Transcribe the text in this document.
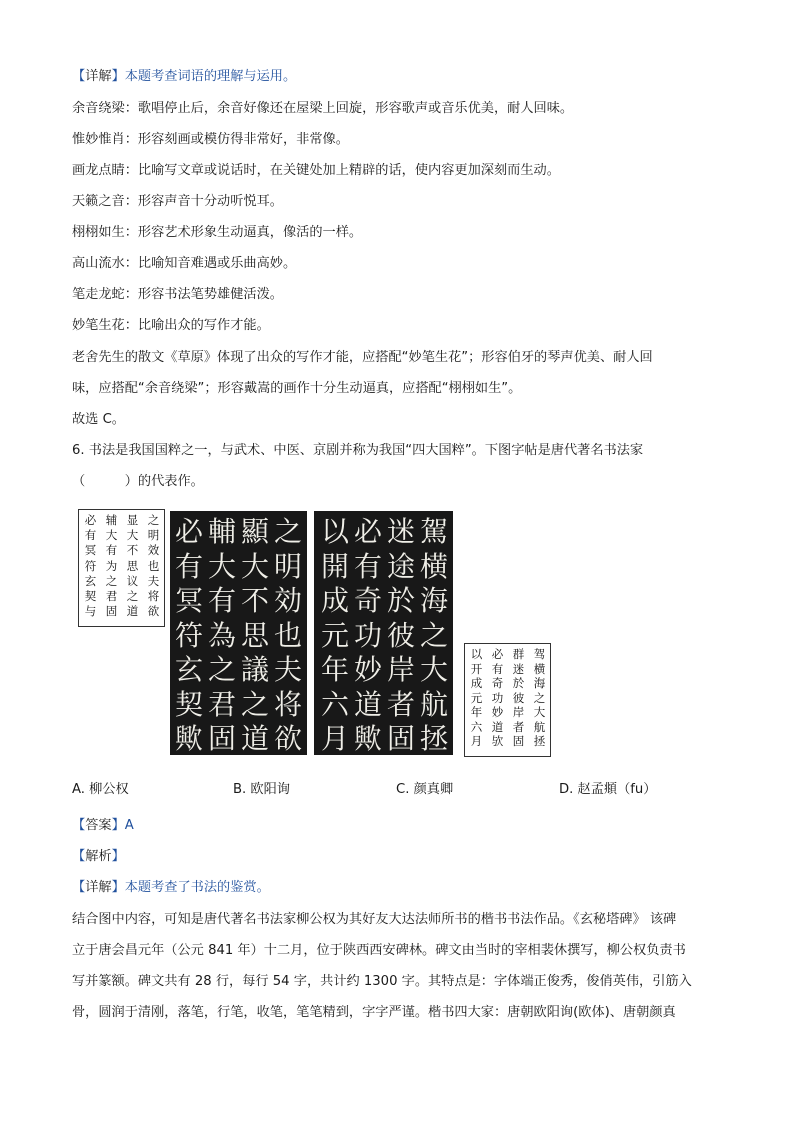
【详解】本题考查词语的理解与运用。
余音绕梁：歌唱停止后，余音好像还在屋梁上回旋，形容歌声或音乐优美，耐人回味。
惟妙惟肖：形容刻画或模仿得非常好，非常像。
画龙点睛：比喻写文章或说话时，在关键处加上精辟的话，使内容更加深刻而生动。
天籁之音：形容声音十分动听悦耳。
栩栩如生：形容艺术形象生动逼真，像活的一样。
高山流水：比喻知音难遇或乐曲高妙。
笔走龙蛇：形容书法笔势雄健活泼。
妙笔生花：比喻出众的写作才能。
老舍先生的散文《草原》体现了出众的写作才能，应搭配“妙笔生花”；形容伯牙的琴声优美、耐人回
味，应搭配“余音绕梁”；形容戴嵩的画作十分生动逼真，应搭配“栩栩如生”。
故选 C。
6. 书法是我国国粹之一，与武术、中医、京剧并称为我国“四大国粹”。下图字帖是唐代著名书法家
（　　　）的代表作。
之
明
效
也
夫
将
欲
显
大
不
思
议
之
道
辅
大
有
为
之
君
固
必
有
冥
符
玄
契
与
之
明
効
也
夫
将
欲
顯
大
不
思
議
之
道
輔
大
有
為
之
君
固
必
有
冥
符
玄
契
歟
駕
横
海
之
大
航
拯
迷
途
於
彼
岸
者
固
必
有
奇
功
妙
道
歟
以
開
成
元
年
六
月
驾
横
海
之
大
航
拯
群
迷
於
彼
岸
者
固
必
有
奇
功
妙
道
欤
以
开
成
元
年
六
月
A. 柳公权	B. 欧阳询	C. 颜真卿	D. 赵孟頫（fu）
【答案】A
【解析】
【详解】本题考查了书法的鉴赏。
结合图中内容，可知是唐代著名书法家柳公权为其好友大达法师所书的楷书书法作品。《玄秘塔碑》 该碑
立于唐会昌元年（公元 841 年）十二月，位于陕西西安碑林。碑文由当时的宰相裴休撰写，柳公权负责书
写并篆额。碑文共有 28 行，每行 54 字，共计约 1300 字。其特点是：字体端正俊秀，俊俏英伟，引筋入
骨，圆润于清刚，落笔，行笔，收笔，笔笔精到，字字严谨。楷书四大家：唐朝欧阳询(欧体)、唐朝颜真
